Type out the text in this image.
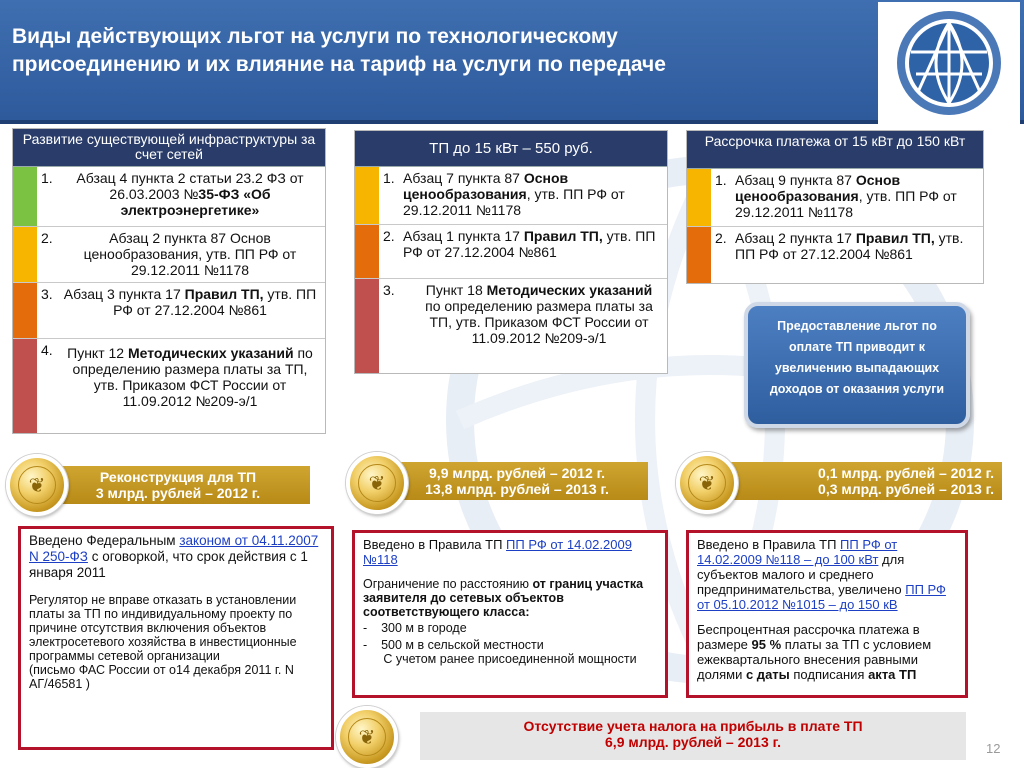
Виды действующих льгот на услуги по технологическому
присоединению и их влияние на тариф на услуги по передаче
Развитие существующей инфраструктуры за счет сетей
1.	Абзац 4 пункта 2 статьи 23.2 ФЗ от 26.03.2003 №35-ФЗ «Об электроэнергетике»
2.	Абзац 2 пункта 87 Основ ценообразования, утв. ПП РФ от 29.12.2011 №1178
3. Абзац 3 пункта 17 Правил ТП, утв. ПП РФ от 27.12.2004 №861
4.	Пункт 12 Методических указаний по определению размера платы за ТП, утв. Приказом ФСТ России от 11.09.2012 №209-э/1
ТП до 15 кВт – 550 руб.
1. Абзац 7 пункта 87 Основ ценообразования, утв. ПП РФ от 29.12.2011 №1178
2. Абзац 1 пункта 17 Правил ТП, утв. ПП РФ от 27.12.2004 №861
3.	Пункт 18 Методических указаний по определению размера платы за ТП, утв. Приказом ФСТ России от 11.09.2012 №209-э/1
Рассрочка платежа от 15 кВт до 150 кВт
1. Абзац 9 пункта 87 Основ ценообразования, утв. ПП РФ от 29.12.2011 №1178
2. Абзац 2 пункта 17 Правил ТП, утв. ПП РФ от 27.12.2004 №861
Предоставление льгот по оплате ТП приводит к увеличению выпадающих доходов от оказания услуги
Реконструкция для ТП
3 млрд. рублей – 2012 г.
❦
9,9 млрд. рублей – 2012 г.
13,8 млрд. рублей – 2013 г.
❦	0,1 млрд. рублей – 2012 г.
0,3 млрд. рублей – 2013 г.
❦

Введено Федеральным законом от 04.11.2007 N 250-ФЗ с оговоркой, что срок действия с 1 января 2011

Регулятор не вправе отказать в установлении платы за ТП по индивидуальному проекту по причине отсутствия включения объектов электросетевого хозяйства в инвестиционные программы сетевой организации

(письмо ФАС России от о14 декабря 2011 г. N АГ/46581 )

Введено в Правила ТП ПП РФ от 14.02.2009 №118

Ограничение по расстоянию от границ участка заявителя до сетевых объектов соответствующего класса:

-    300 м в городе
-    500 м в сельской местности
С учетом ранее присоединенной мощности

Введено в Правила ТП ПП РФ от 14.02.2009 №118 – до 100 кВт для субъектов малого и среднего предпринимательства, увеличено ПП РФ от 05.10.2012 №1015 – до 150 кВ

Беспроцентная рассрочка платежа в размере 95 % платы за ТП с условием ежеквартального внесения равными долями с даты подписания акта ТП

Отсутствие учета налога на прибыль в плате ТП
6,9 млрд. рублей – 2013 г.
❦	12
